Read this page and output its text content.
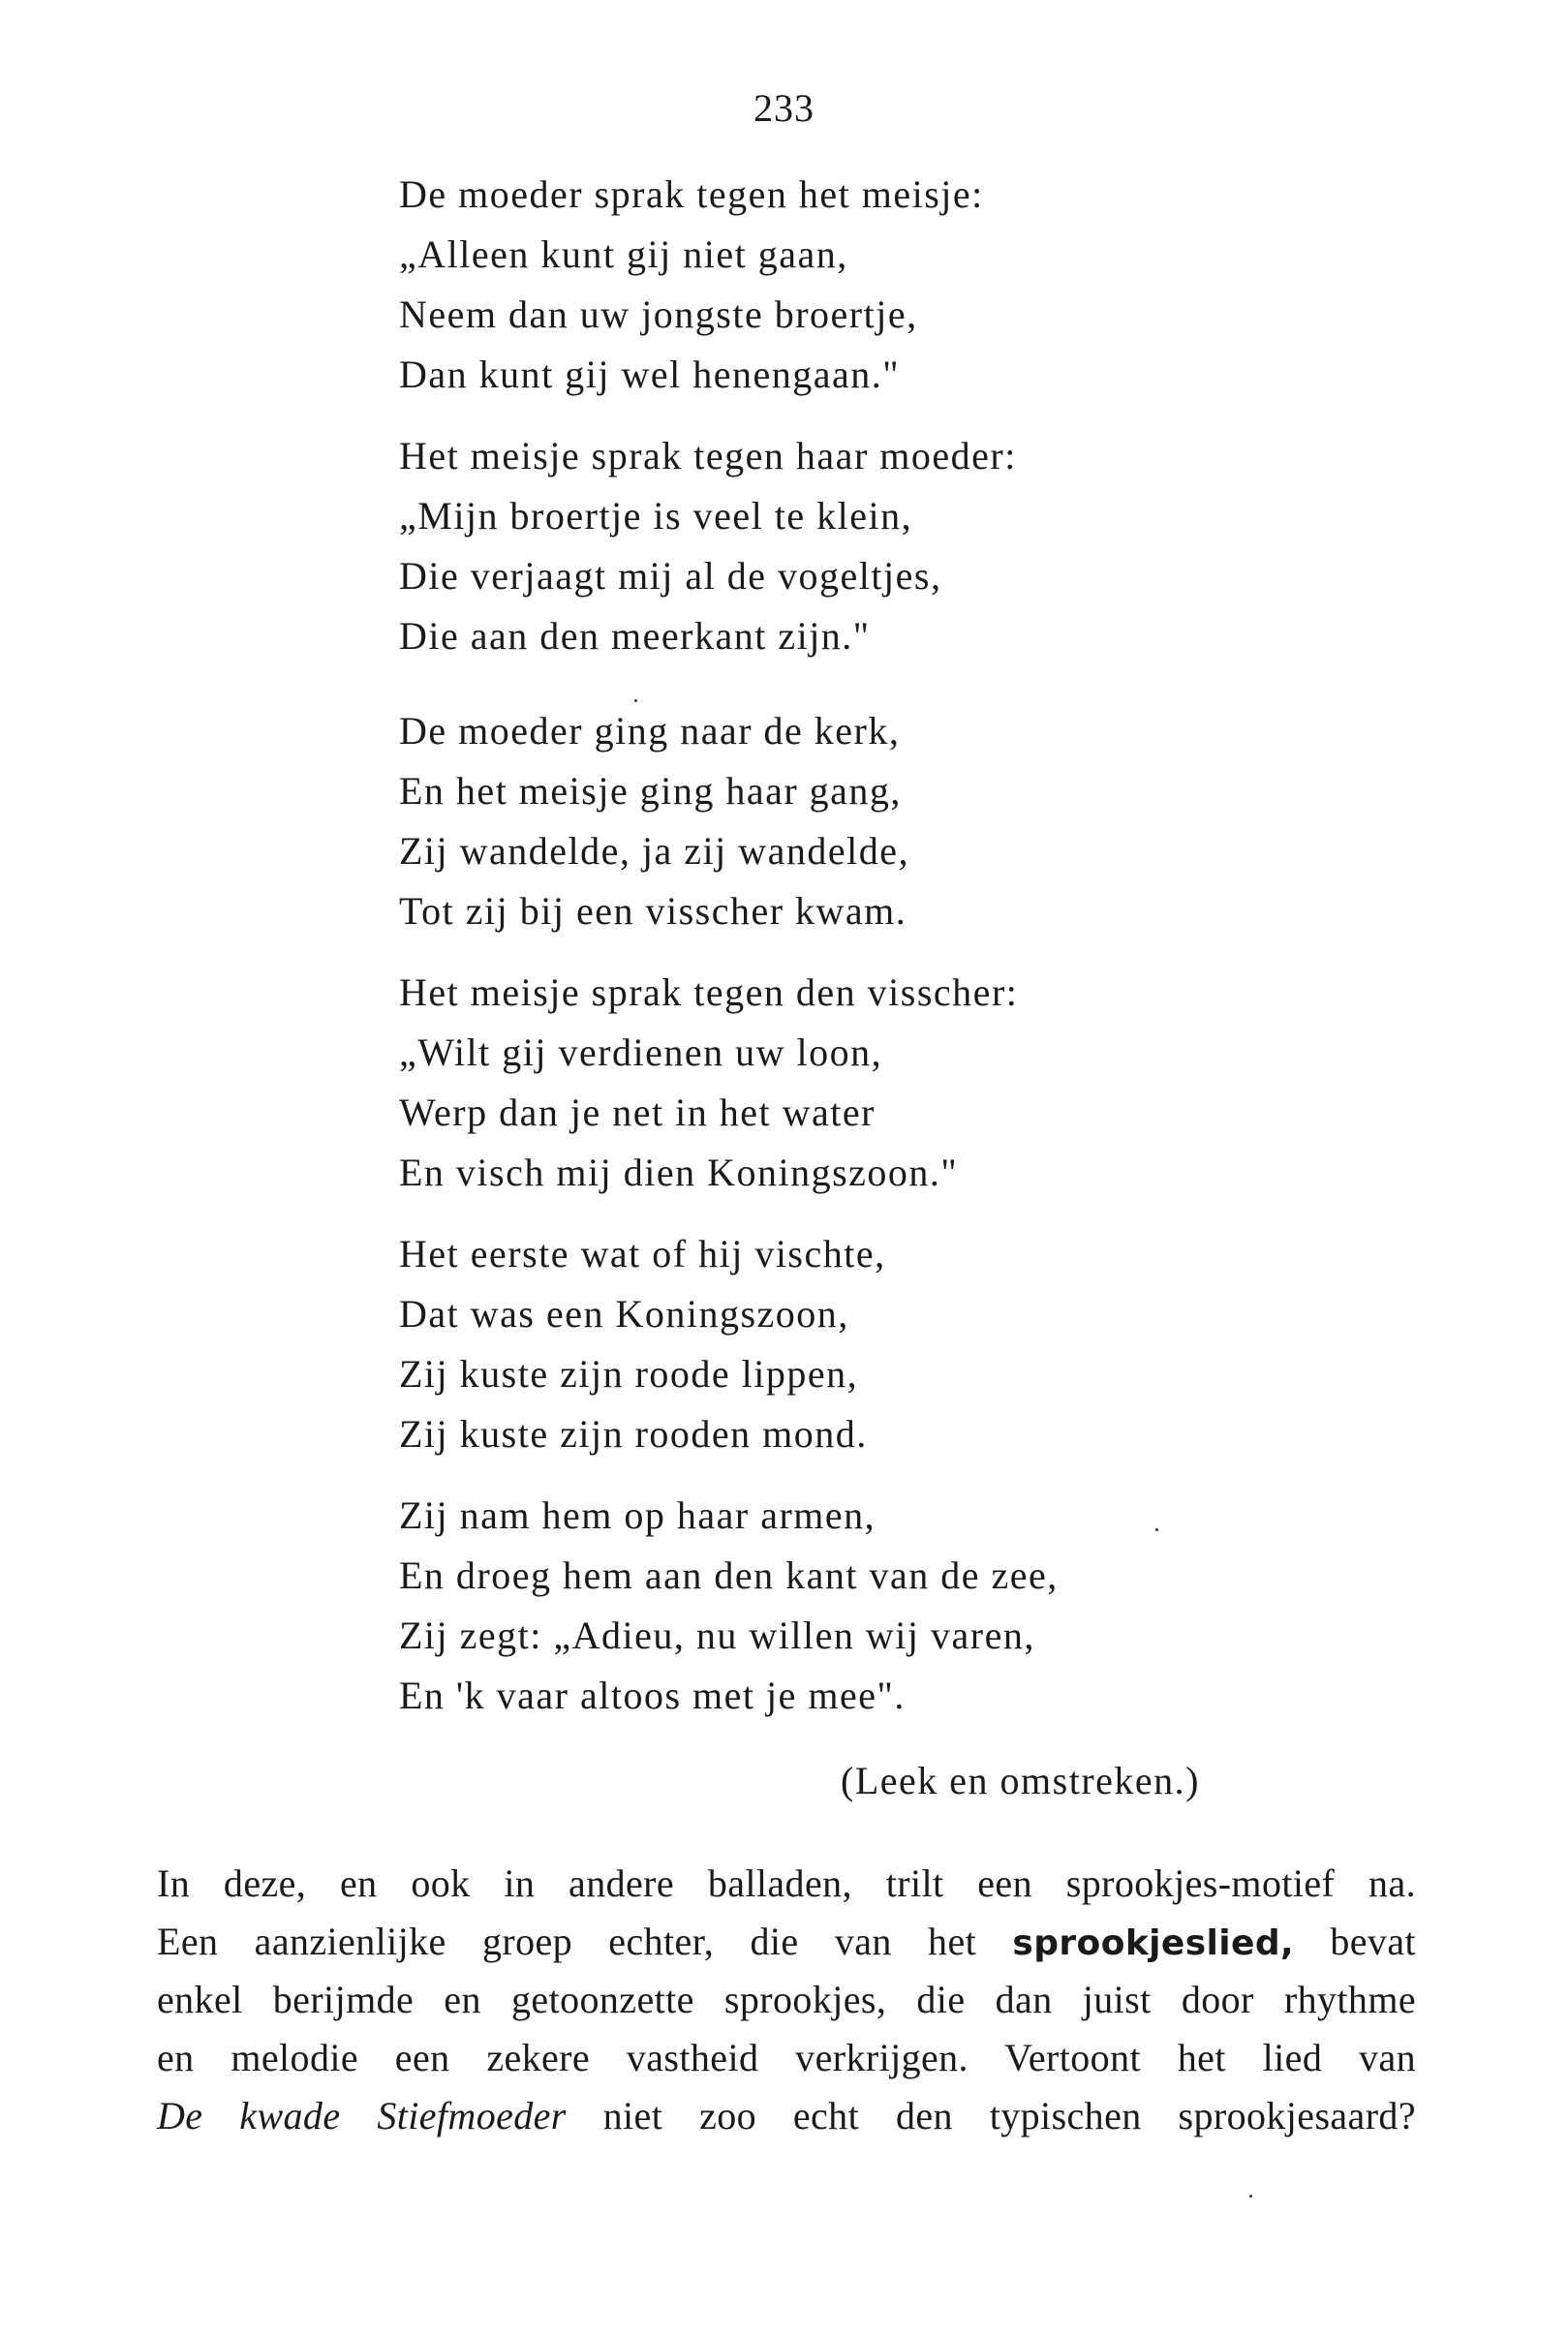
233
De moeder sprak tegen het meisje:
„Alleen kunt gij niet gaan,
Neem dan uw jongste broertje,
Dan kunt gij wel henengaan."
Het meisje sprak tegen haar moeder:
„Mijn broertje is veel te klein,
Die verjaagt mij al de vogeltjes,
Die aan den meerkant zijn."
De moeder ging naar de kerk,
En het meisje ging haar gang,
Zij wandelde, ja zij wandelde,
Tot zij bij een visscher kwam.
Het meisje sprak tegen den visscher:
„Wilt gij verdienen uw loon,
Werp dan je net in het water
En visch mij dien Koningszoon."
Het eerste wat of hij vischte,
Dat was een Koningszoon,
Zij kuste zijn roode lippen,
Zij kuste zijn rooden mond.
Zij nam hem op haar armen,
En droeg hem aan den kant van de zee,
Zij zegt: „Adieu, nu willen wij varen,
En 'k vaar altoos met je mee".
(Leek en omstreken.)
In deze, en ook in andere balladen, trilt een sprookjes-motief na.
Een aanzienlijke groep echter, die van het sprookjeslied, bevat
enkel berijmde en getoonzette sprookjes, die dan juist door rhythme
en melodie een zekere vastheid verkrijgen. Vertoont het lied van
De kwade Stiefmoeder niet zoo echt den typischen sprookjesaard?
